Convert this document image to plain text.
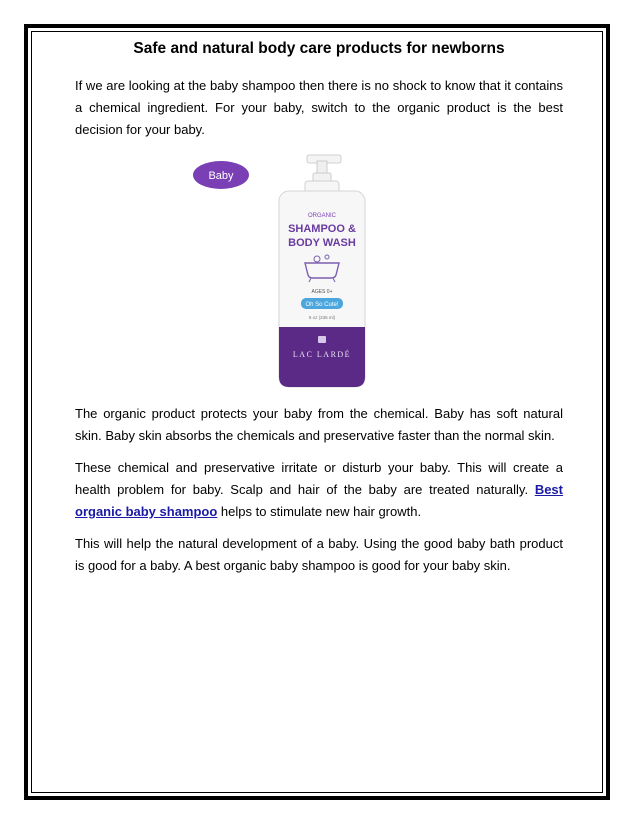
Safe and natural body care products for newborns

If we are looking at the baby shampoo then there is no shock to know that it contains a chemical ingredient. For your baby, switch to the organic product is the best decision for your baby.

Baby
ORGANIC
SHAMPOO &
BODY WASH
AGES 0+
Oh So Cute!
8 oz (236 ml)
LAC LARDÉ

The organic product protects your baby from the chemical. Baby has soft natural skin. Baby skin absorbs the chemicals and preservative faster than the normal skin.

These chemical and preservative irritate or disturb your baby. This will create a health problem for baby. Scalp and hair of the baby are treated naturally. Best organic baby shampoo helps to stimulate new hair growth.

This will help the natural development of a baby. Using the good baby bath product is good for a baby. A best organic baby shampoo is good for your baby skin.
